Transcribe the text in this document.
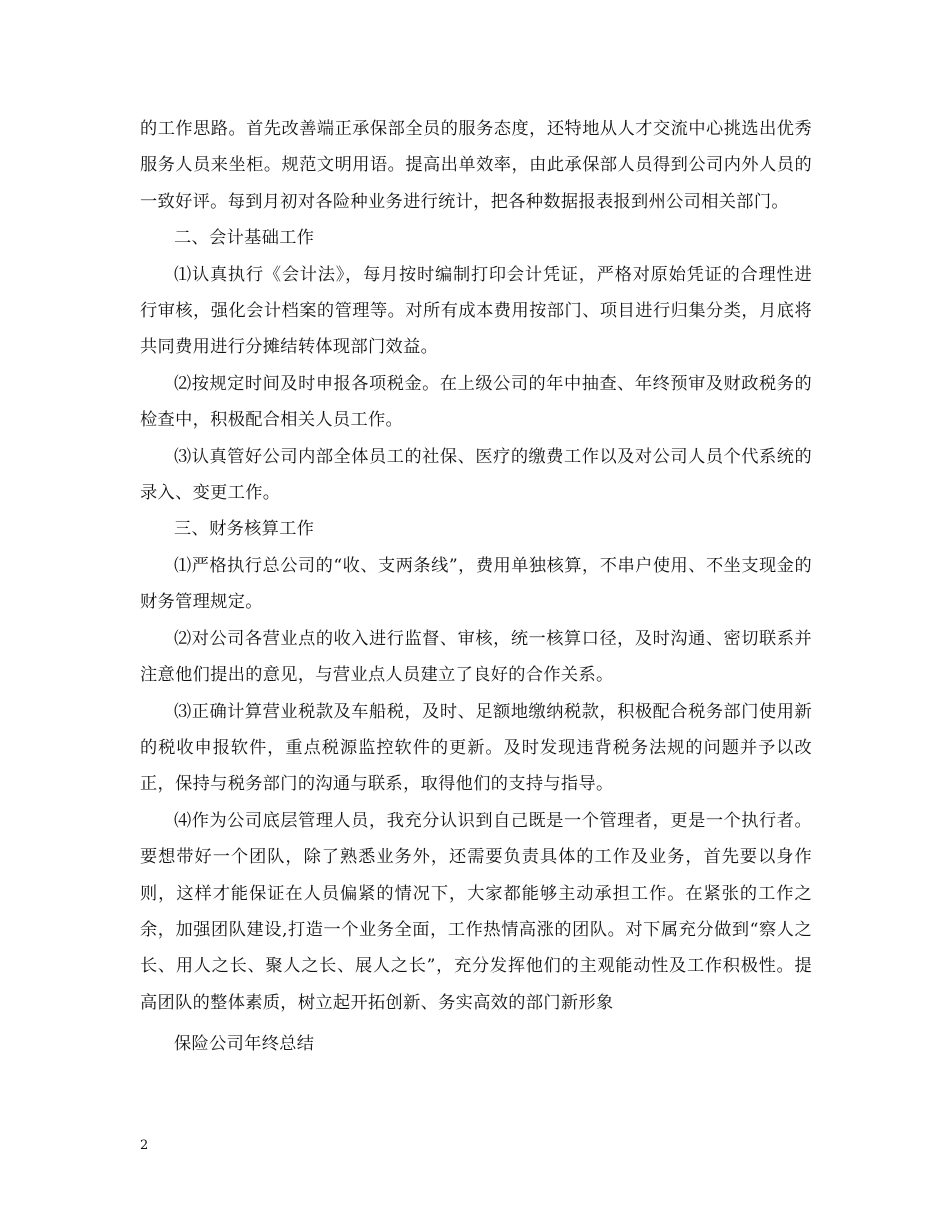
的工作思路。首先改善端正承保部全员的服务态度，还特地从人才交流中心挑选出优秀服务人员来坐柜。规范文明用语。提高出单效率，由此承保部人员得到公司内外人员的一致好评。每到月初对各险种业务进行统计，把各种数据报表报到州公司相关部门。

二、会计基础工作

⑴认真执行《会计法》，每月按时编制打印会计凭证，严格对原始凭证的合理性进行审核，强化会计档案的管理等。对所有成本费用按部门、项目进行归集分类，月底将共同费用进行分摊结转体现部门效益。

⑵按规定时间及时申报各项税金。在上级公司的年中抽查、年终预审及财政税务的检查中，积极配合相关人员工作。

⑶认真管好公司内部全体员工的社保、医疗的缴费工作以及对公司人员个代系统的录入、变更工作。

三、财务核算工作

⑴严格执行总公司的“收、支两条线”，费用单独核算，不串户使用、不坐支现金的财务管理规定。

⑵对公司各营业点的收入进行监督、审核，统一核算口径，及时沟通、密切联系并注意他们提出的意见，与营业点人员建立了良好的合作关系。

⑶正确计算营业税款及车船税，及时、足额地缴纳税款，积极配合税务部门使用新的税收申报软件，重点税源监控软件的更新。及时发现违背税务法规的问题并予以改正，保持与税务部门的沟通与联系，取得他们的支持与指导。

⑷作为公司底层管理人员，我充分认识到自己既是一个管理者，更是一个执行者。要想带好一个团队，除了熟悉业务外，还需要负责具体的工作及业务，首先要以身作则，这样才能保证在人员偏紧的情况下，大家都能够主动承担工作。在紧张的工作之余，加强团队建设,打造一个业务全面，工作热情高涨的团队。对下属充分做到“察人之长、用人之长、聚人之长、展人之长”，充分发挥他们的主观能动性及工作积极性。提高团队的整体素质，树立起开拓创新、务实高效的部门新形象

保险公司年终总结

2
